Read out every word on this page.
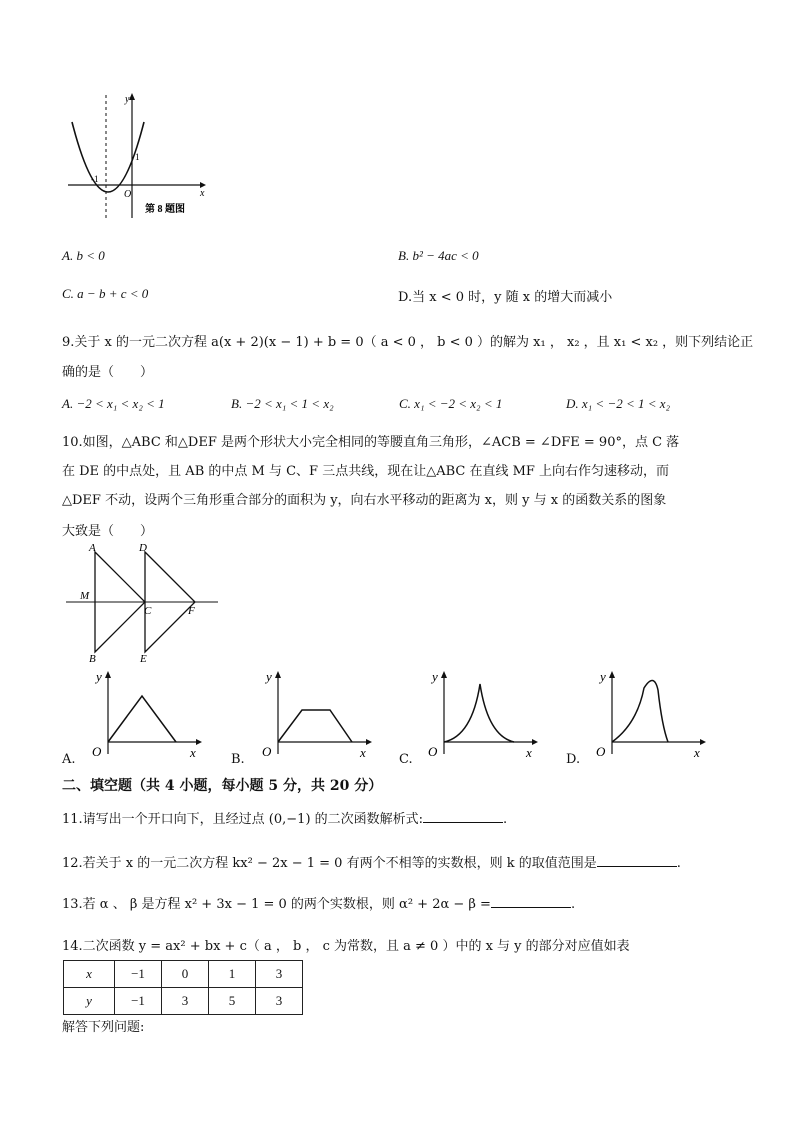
y
x
O
-1
1
第 8 题图
A. b < 0	B. b² − 4ac < 0
C. a − b + c < 0	D.当 x < 0 时，y 随 x 的增大而减小
9.关于 x 的一元二次方程 a(x + 2)(x − 1) + b = 0（ a < 0 ， b < 0 ）的解为 x₁ ， x₂ ，且 x₁ < x₂ ，则下列结论正
确的是（　　）
A. −2 < x₁ < x₂ < 1	B. −2 < x₁ < 1 < x₂	C. x₁ < −2 < x₂ < 1	D. x₁ < −2 < 1 < x₂
10.如图，△ABC 和△DEF 是两个形状大小完全相同的等腰直角三角形，∠ACB = ∠DFE = 90°，点 C 落
在 DE 的中点处，且 AB 的中点 M 与 C、F 三点共线，现在让△ABC 在直线 MF 上向右作匀速移动，而
△DEF 不动，设两个三角形重合部分的面积为 y，向右水平移动的距离为 x，则 y 与 x 的函数关系的图象
大致是（　　）
A	D
M
C	F
B	E
y
x
O
A.
y
x
O
B.
y
x
O
C.
y
x
O
D.
二、填空题（共 4 小题，每小题 5 分，共 20 分）
11.请写出一个开口向下，且经过点 (0,−1) 的二次函数解析式:	.
12.若关于 x 的一元二次方程 kx² − 2x − 1 = 0 有两个不相等的实数根，则 k 的取值范围是	.
13.若 α 、 β 是方程 x² + 3x − 1 = 0 的两个实数根，则 α² + 2α − β =	.
14.二次函数 y = ax² + bx + c（ a ， b ， c 为常数，且 a ≠ 0 ）中的 x 与 y 的部分对应值如表
x	−1	0	1	3
y	−1	3	5	3
解答下列问题:
